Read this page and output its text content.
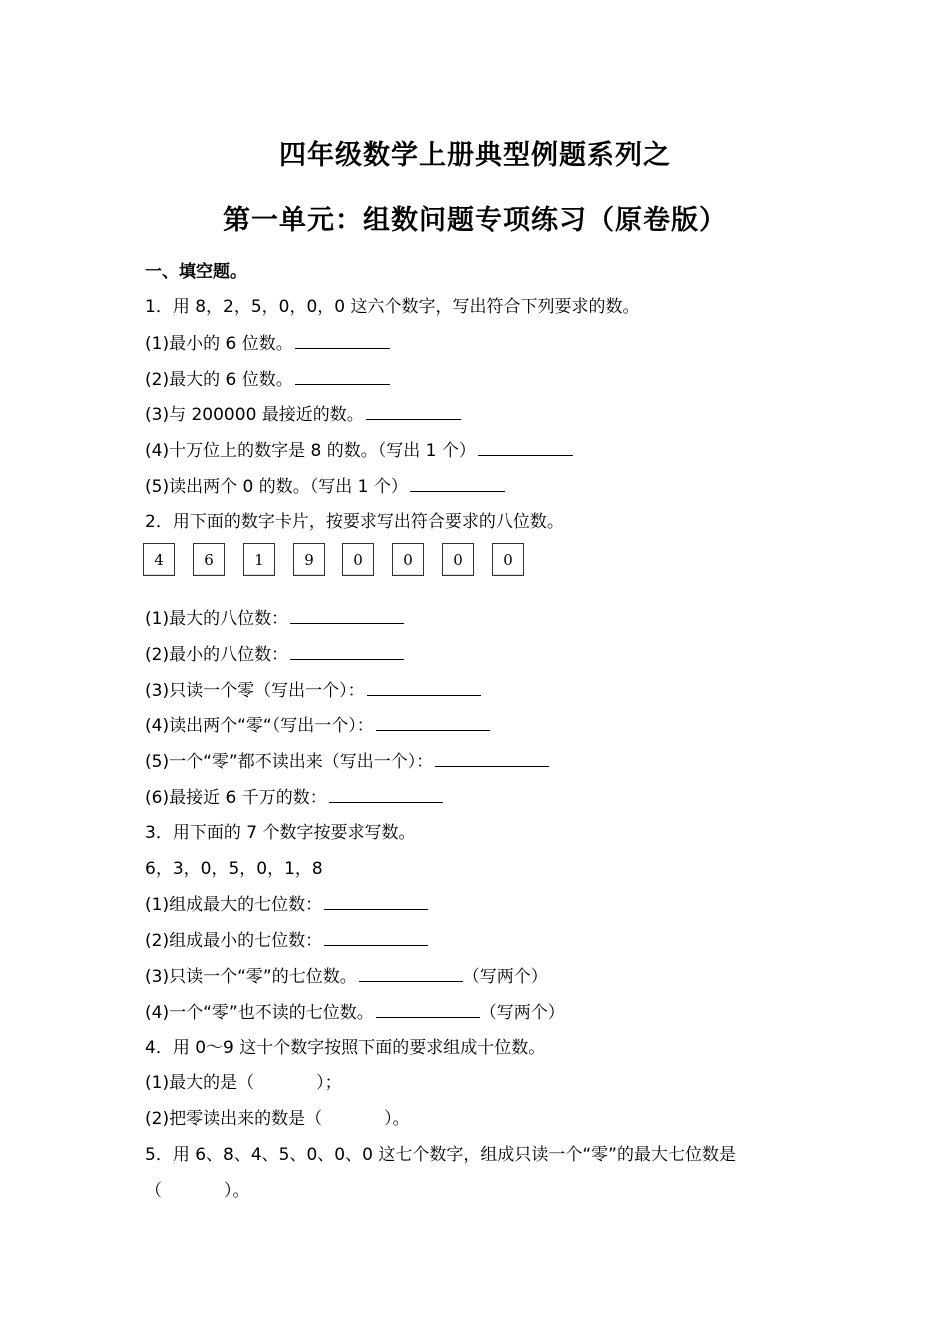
四年级数学上册典型例题系列之
第一单元：组数问题专项练习（原卷版）
一、填空题。
1．用 8，2，5，0，0，0 这六个数字，写出符合下列要求的数。
(1)最小的 6 位数。
(2)最大的 6 位数。
(3)与 200000 最接近的数。
(4)十万位上的数字是 8 的数。（写出 1 个）
(5)读出两个 0 的数。（写出 1 个）
2．用下面的数字卡片，按要求写出符合要求的八位数。
4	6	1	9	0	0	0	0
(1)最大的八位数：
(2)最小的八位数：
(3)只读一个零（写出一个）：
(4)读出两个“零“（写出一个）：
(5)一个“零”都不读出来（写出一个）：
(6)最接近 6 千万的数：
3．用下面的 7 个数字按要求写数。
6，3，0，5，0，1，8
(1)组成最大的七位数：
(2)组成最小的七位数：
(3)只读一个“零”的七位数。	（写两个）
(4)一个“零”也不读的七位数。	（写两个）
4．用 0～9 这十个数字按照下面的要求组成十位数。
(1)最大的是（	）；
(2)把零读出来的数是（	）。
5．用 6、8、4、5、0、0、0 这七个数字，组成只读一个“零”的最大七位数是
（	）。
